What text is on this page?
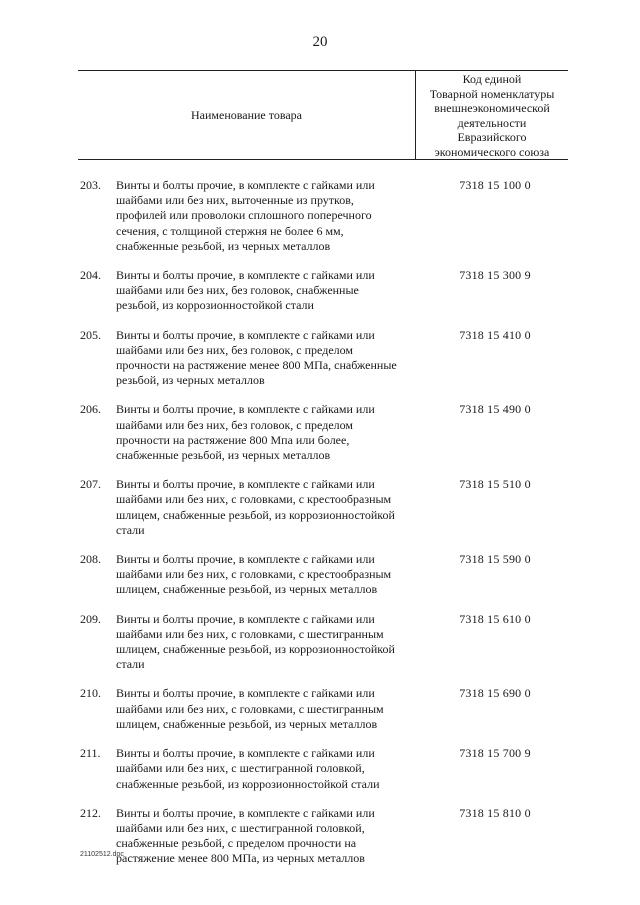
20
Наименование товара
Код единой
Товарной номенклатуры
внешнеэкономической
деятельности
Евразийского
экономического союза
203.	Винты и болты прочие, в комплекте с гайками или
шайбами или без них, выточенные из прутков,
профилей или проволоки сплошного поперечного
сечения, с толщиной стержня не более 6 мм,
снабженные резьбой, из черных металлов
7318 15 100 0
204.	Винты и болты прочие, в комплекте с гайками или
шайбами или без них, без головок, снабженные
резьбой, из коррозионностойкой стали
7318 15 300 9
205.	Винты и болты прочие, в комплекте с гайками или
шайбами или без них, без головок, с пределом
прочности на растяжение менее 800 МПа, снабженные
резьбой, из черных металлов
7318 15 410 0
206.	Винты и болты прочие, в комплекте с гайками или
шайбами или без них, без головок, с пределом
прочности на растяжение 800 Мпа или более,
снабженные резьбой, из черных металлов
7318 15 490 0
207.	Винты и болты прочие, в комплекте с гайками или
шайбами или без них, с головками, с крестообразным
шлицем, снабженные резьбой, из коррозионностойкой
стали
7318 15 510 0
208.	Винты и болты прочие, в комплекте с гайками или
шайбами или без них, с головками, с крестообразным
шлицем, снабженные резьбой, из черных металлов
7318 15 590 0
209.	Винты и болты прочие, в комплекте с гайками или
шайбами или без них, с головками, с шестигранным
шлицем, снабженные резьбой, из коррозионностойкой
стали
7318 15 610 0
210.	Винты и болты прочие, в комплекте с гайками или
шайбами или без них, с головками, с шестигранным
шлицем, снабженные резьбой, из черных металлов
7318 15 690 0
211.	Винты и болты прочие, в комплекте с гайками или
шайбами или без них, с шестигранной головкой,
снабженные резьбой, из коррозионностойкой стали
7318 15 700 9
212.	Винты и болты прочие, в комплекте с гайками или
шайбами или без них, с шестигранной головкой,
снабженные резьбой, с пределом прочности на
растяжение менее 800 МПа, из черных металлов
7318 15 810 0
21102512.doc
